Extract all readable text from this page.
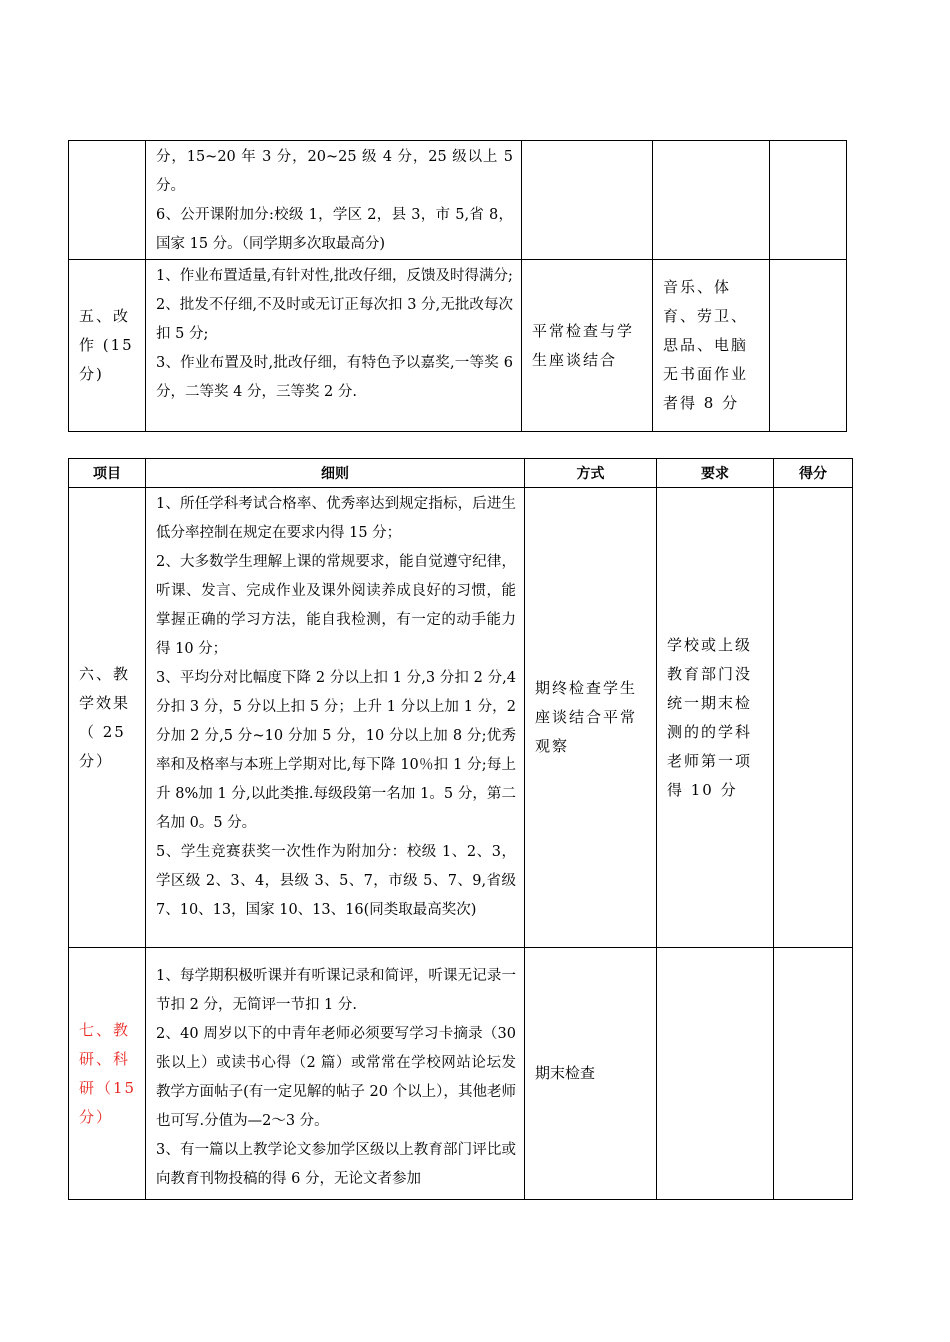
	分，15~20 年 3 分，20~25 级 4 分，25 级以上 5 分。

6、公开课附加分:校级 1，学区 2，县 3，市 5,省 8，国家 15 分。（同学期多次取最高分)			

五、改作 (15 分)	1、作业布置适量,有针对性,批改仔细，反馈及时得满分;

2、批发不仔细,不及时或无订正每次扣 3 分,无批改每次扣 5 分;

3、作业布置及时,批改仔细，有特色予以嘉奖,一等奖 6 分，二等奖 4 分，三等奖 2 分.	平常检查与学生座谈结合	音乐、体育、劳卫、思品、电脑无书面作业者得 8 分	
项目	细则	方式	要求	得分
六、教学效果（ 25 分）	1、所任学科考试合格率、优秀率达到规定指标，后进生低分率控制在规定在要求内得 15 分；

2、大多数学生理解上课的常规要求，能自觉遵守纪律，听课、发言、完成作业及课外阅读养成良好的习惯，能掌握正确的学习方法，能自我检测，有一定的动手能力得 10 分；

3、平均分对比幅度下降 2 分以上扣 1 分,3 分扣 2 分,4 分扣 3 分，5 分以上扣 5 分；上升 1 分以上加 1 分，2 分加 2 分,5 分~10 分加 5 分，10 分以上加 8 分;优秀率和及格率与本班上学期对比,每下降 10％扣 1 分;每上升 8%加 1 分,以此类推.每级段第一名加 1。5 分，第二名加 0。5 分。

5、学生竞赛获奖一次性作为附加分：校级 1、2、3，学区级 2、3、4，县级 3、5、7，市级 5、7、9,省级 7、10、13，国家 10、13、16(同类取最高奖次)	期终检查学生座谈结合平常观察	学校或上级教育部门没统一期末检测的的学科老师第一项得 10 分	
七、教研、科研（15 分）	1、每学期积极听课并有听课记录和简评，听课无记录一节扣 2 分，无简评一节扣 1 分.

2、40 周岁以下的中青年老师必须要写学习卡摘录（30 张以上）或读书心得（2 篇）或常常在学校网站论坛发教学方面帖子(有一定见解的帖子 20 个以上），其他老师也可写.分值为—2～3 分。

3、有一篇以上教学论文参加学区级以上教育部门评比或向教育刊物投稿的得 6 分，无论文者参加	期末检查		
